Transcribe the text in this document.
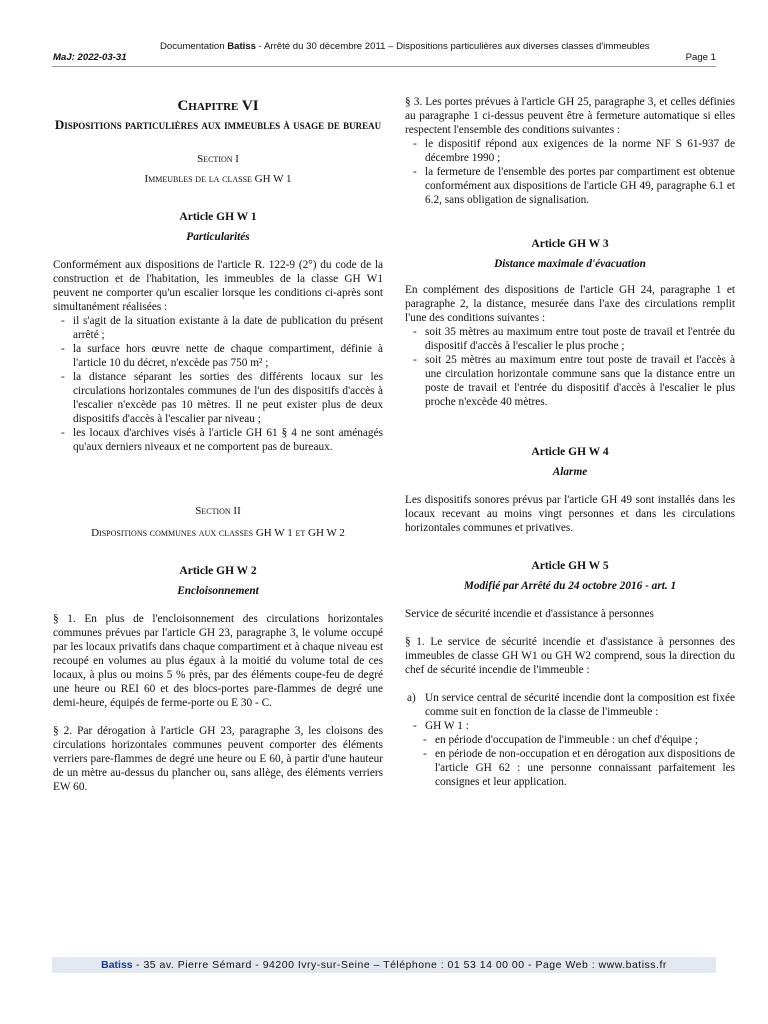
Documentation Batiss - Arrêté du 30 décembre 2011 – Dispositions particulières aux diverses classes d'immeubles
MaJ: 2022-03-31	Page 1
Chapitre VI
Dispositions particulières aux immeubles à usage de bureau
Section I
Immeubles de la classe GH W 1
Article GH W 1
Particularités

Conformément aux dispositions de l'article R. 122-9 (2°) du code de la construction et de l'habitation, les immeubles de la classe GH W1 peuvent ne comporter qu'un escalier lorsque les conditions ci-après sont simultanément réalisées :

- il s'agit de la situation existante à la date de publication du présent arrêté ;
- la surface hors œuvre nette de chaque compartiment, définie à l'article 10 du décret, n'excède pas 750 m² ;
- la distance séparant les sorties des différents locaux sur les circulations horizontales communes de l'un des dispositifs d'accès à l'escalier n'excède pas 10 mètres. Il ne peut exister plus de deux dispositifs d'accès à l'escalier par niveau ;
- les locaux d'archives visés à l'article GH 61 § 4 ne sont aménagés qu'aux derniers niveaux et ne comportent pas de bureaux.
Section II
Dispositions communes aux classes GH W 1 et GH W 2
Article GH W 2
Encloisonnement

§ 1. En plus de l'encloisonnement des circulations horizontales communes prévues par l'article GH 23, paragraphe 3, le volume occupé par les locaux privatifs dans chaque compartiment et à chaque niveau est recoupé en volumes au plus égaux à la moitié du volume total de ces locaux, à plus ou moins 5 % près, par des éléments coupe-feu de degré une heure ou REI 60 et des blocs-portes pare-flammes de degré une demi-heure, équipés de ferme-porte ou E 30 - C.

§ 2. Par dérogation à l'article GH 23, paragraphe 3, les cloisons des circulations horizontales communes peuvent comporter des éléments verriers pare-flammes de degré une heure ou E 60, à partir d'une hauteur de un mètre au-dessus du plancher ou, sans allège, des éléments verriers EW 60.

§ 3. Les portes prévues à l'article GH 25, paragraphe 3, et celles définies au paragraphe 1 ci-dessus peuvent être à fermeture automatique si elles respectent l'ensemble des conditions suivantes :

- le dispositif répond aux exigences de la norme NF S 61-937 de décembre 1990 ;
- la fermeture de l'ensemble des portes par compartiment est obtenue conformément aux dispositions de l'article GH 49, paragraphe 6.1 et 6.2, sans obligation de signalisation.
Article GH W 3
Distance maximale d'évacuation

En complément des dispositions de l'article GH 24, paragraphe 1 et paragraphe 2, la distance, mesurée dans l'axe des circulations remplit l'une des conditions suivantes :

- soit 35 mètres au maximum entre tout poste de travail et l'entrée du dispositif d'accès à l'escalier le plus proche ;
- soit 25 mètres au maximum entre tout poste de travail et l'accès à une circulation horizontale commune sans que la distance entre un poste de travail et l'entrée du dispositif d'accès à l'escalier le plus proche n'excède 40 mètres.
Article GH W 4
Alarme

Les dispositifs sonores prévus par l'article GH 49 sont installés dans les locaux recevant au moins vingt personnes et dans les circulations horizontales communes et privatives.

Article GH W 5
Modifié par Arrêté du 24 octobre 2016 - art. 1

Service de sécurité incendie et d'assistance à personnes

§ 1. Le service de sécurité incendie et d'assistance à personnes des immeubles de classe GH W1 ou GH W2 comprend, sous la direction du chef de sécurité incendie de l'immeuble :

a) Un service central de sécurité incendie dont la composition est fixée comme suit en fonction de la classe de l'immeuble :
- GH W 1 :
- en période d'occupation de l'immeuble : un chef d'équipe ;
- en période de non-occupation et en dérogation aux dispositions de l'article GH 62 : une personne connaissant parfaitement les consignes et leur application.
Batiss - 35 av. Pierre Sémard - 94200 Ivry-sur-Seine – Téléphone : 01 53 14 00 00 - Page Web : www.batiss.fr
